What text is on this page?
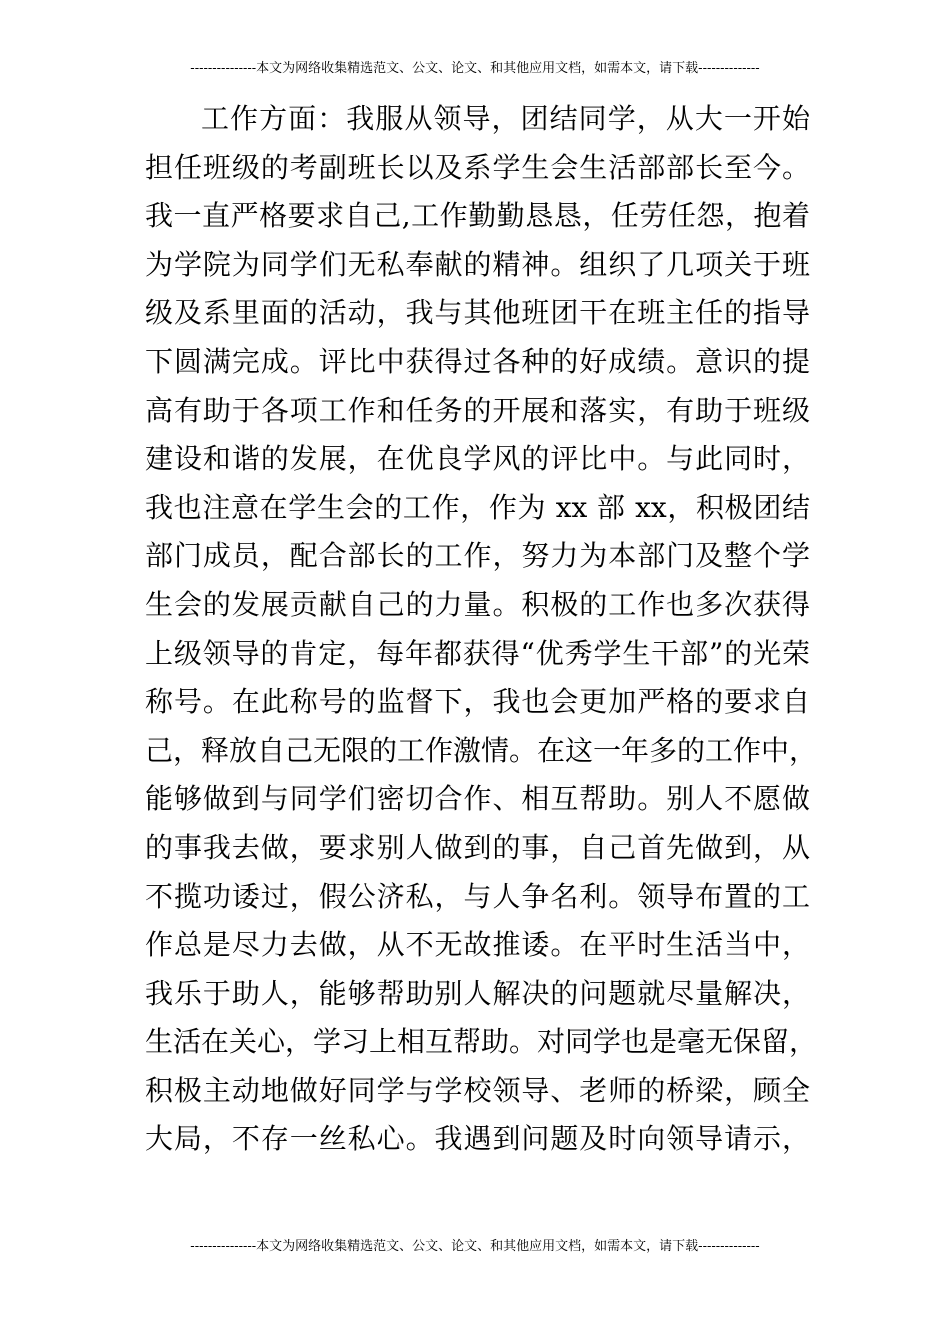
---------------本文为网络收集精选范文、公文、论文、和其他应用文档，如需本文，请下载--------------
工作方面：我服从领导，团结同学，从大一开始
担任班级的考副班长以及系学生会生活部部长至今。
我一直严格要求自己,工作勤勤恳恳，任劳任怨，抱着
为学院为同学们无私奉献的精神。组织了几项关于班
级及系里面的活动，我与其他班团干在班主任的指导
下圆满完成。评比中获得过各种的好成绩。意识的提
高有助于各项工作和任务的开展和落实，有助于班级
建设和谐的发展，在优良学风的评比中。与此同时，
我也注意在学生会的工作，作为 xx 部 xx，积极团结
部门成员，配合部长的工作，努力为本部门及整个学
生会的发展贡献自己的力量。积极的工作也多次获得
上级领导的肯定，每年都获得“优秀学生干部”的光荣
称号。在此称号的监督下，我也会更加严格的要求自
己，释放自己无限的工作激情。在这一年多的工作中，
能够做到与同学们密切合作、相互帮助。别人不愿做
的事我去做，要求别人做到的事，自己首先做到，从
不揽功诿过，假公济私，与人争名利。领导布置的工
作总是尽力去做，从不无故推诿。在平时生活当中，
我乐于助人，能够帮助别人解决的问题就尽量解决，
生活在关心，学习上相互帮助。对同学也是毫无保留，
积极主动地做好同学与学校领导、老师的桥梁，顾全
大局，不存一丝私心。我遇到问题及时向领导请示，
---------------本文为网络收集精选范文、公文、论文、和其他应用文档，如需本文，请下载--------------
